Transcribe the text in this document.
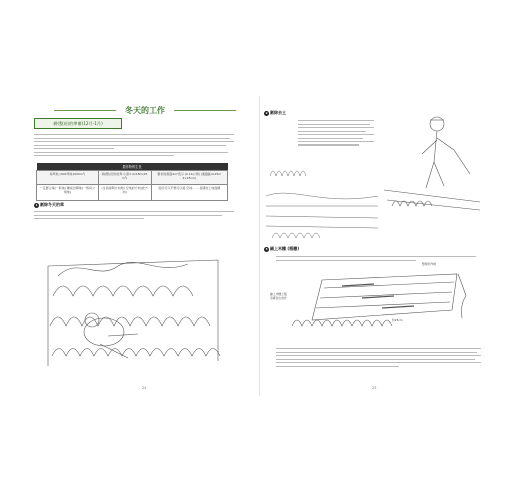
冬天的工作
耕(整)田的準備(12月-1月)
農作物的生長		
每坪地 (300坪地1000m²)	耕(整)田約的秀 小麥1.4x18m(25 m²)	要求的畫面4x7表示 (0.16公頃) (通過區4x25m 4×25cm)
一定要合適(一般地) 種成田間地(一般每公頃地)	(生長時間方向地) 空地的方向(此方向)	從田可以平整可以後 空地… …長期的土地面積
1 割除冬天的草
24
2 割除去土
3 鋪上米糠 (稻糠)
整理好作畦
鋪上米糠之後
這樣長出的作
約25cm
25
